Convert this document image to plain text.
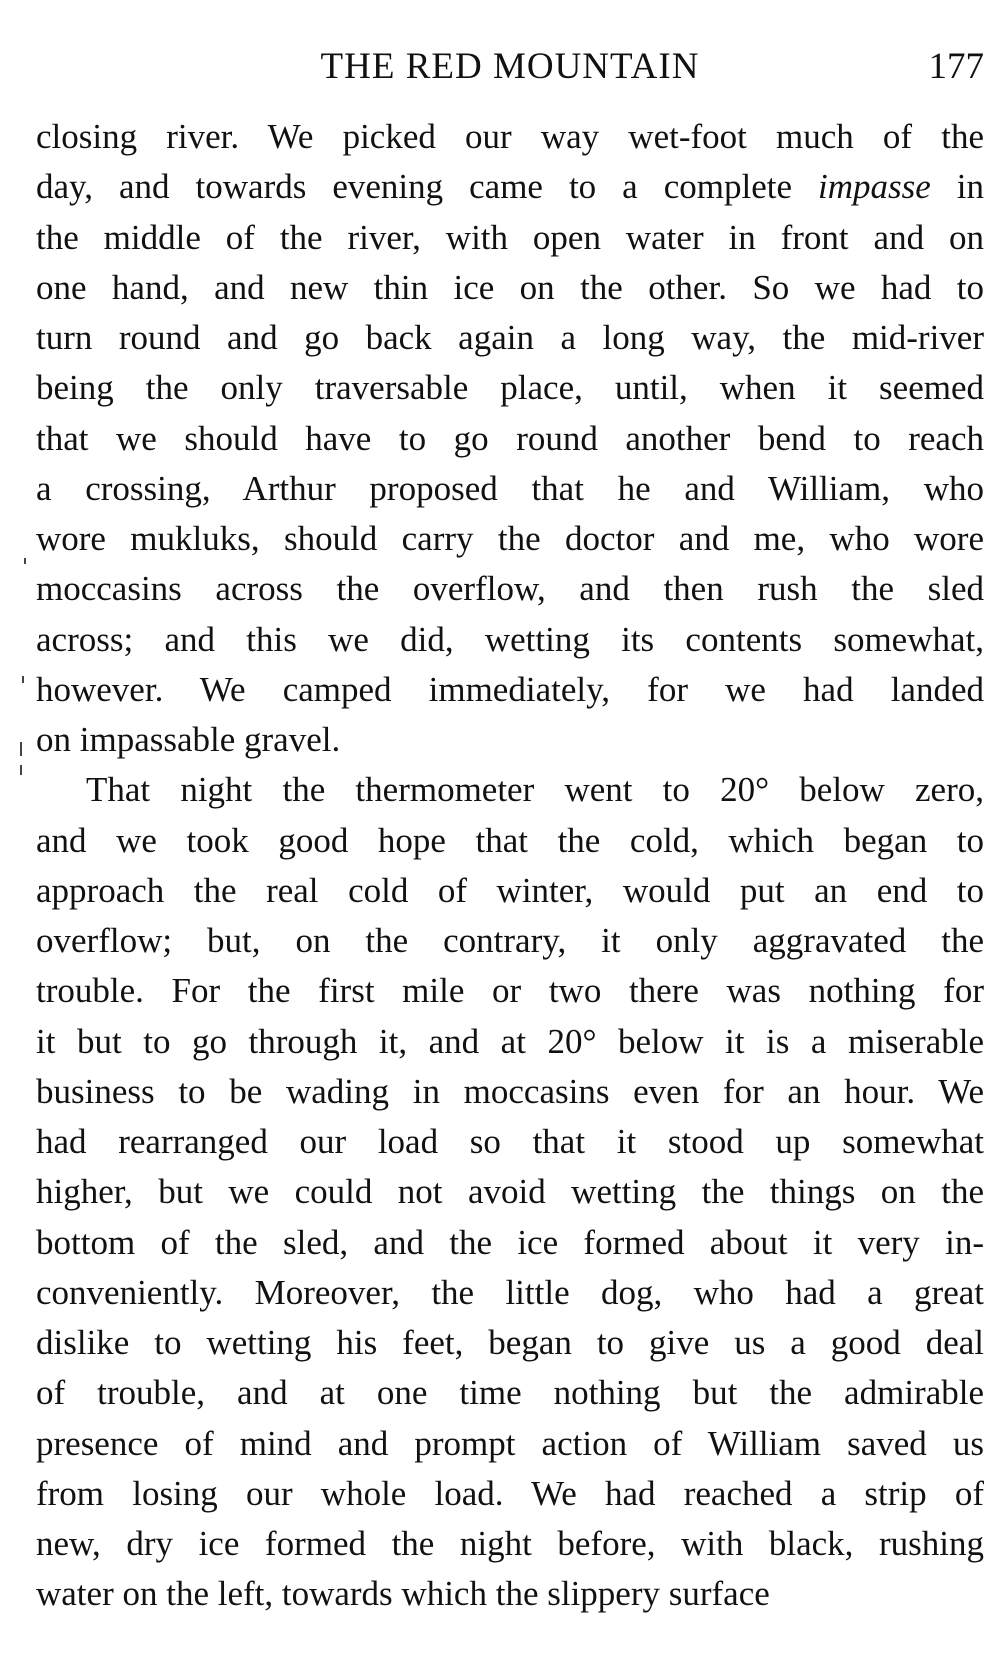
THE RED MOUNTAIN	177
closing river. We picked our way wet-foot much of the
day, and towards evening came to a complete impasse in
the middle of the river, with open water in front and on
one hand, and new thin ice on the other. So we had to
turn round and go back again a long way, the mid-river
being the only traversable place, until, when it seemed
that we should have to go round another bend to reach
a crossing, Arthur proposed that he and William, who
wore mukluks, should carry the doctor and me, who wore
moccasins across the overflow, and then rush the sled
across; and this we did, wetting its contents somewhat,
however. We camped immediately, for we had landed
on impassable gravel.
That night the thermometer went to 20° below zero,
and we took good hope that the cold, which began to
approach the real cold of winter, would put an end to
overflow; but, on the contrary, it only aggravated the
trouble. For the first mile or two there was nothing for
it but to go through it, and at 20° below it is a miserable
business to be wading in moccasins even for an hour. We
had rearranged our load so that it stood up somewhat
higher, but we could not avoid wetting the things on the
bottom of the sled, and the ice formed about it very in-
conveniently. Moreover, the little dog, who had a great
dislike to wetting his feet, began to give us a good deal
of trouble, and at one time nothing but the admirable
presence of mind and prompt action of William saved us
from losing our whole load. We had reached a strip of
new, dry ice formed the night before, with black, rushing
water on the left, towards which the slippery surface
